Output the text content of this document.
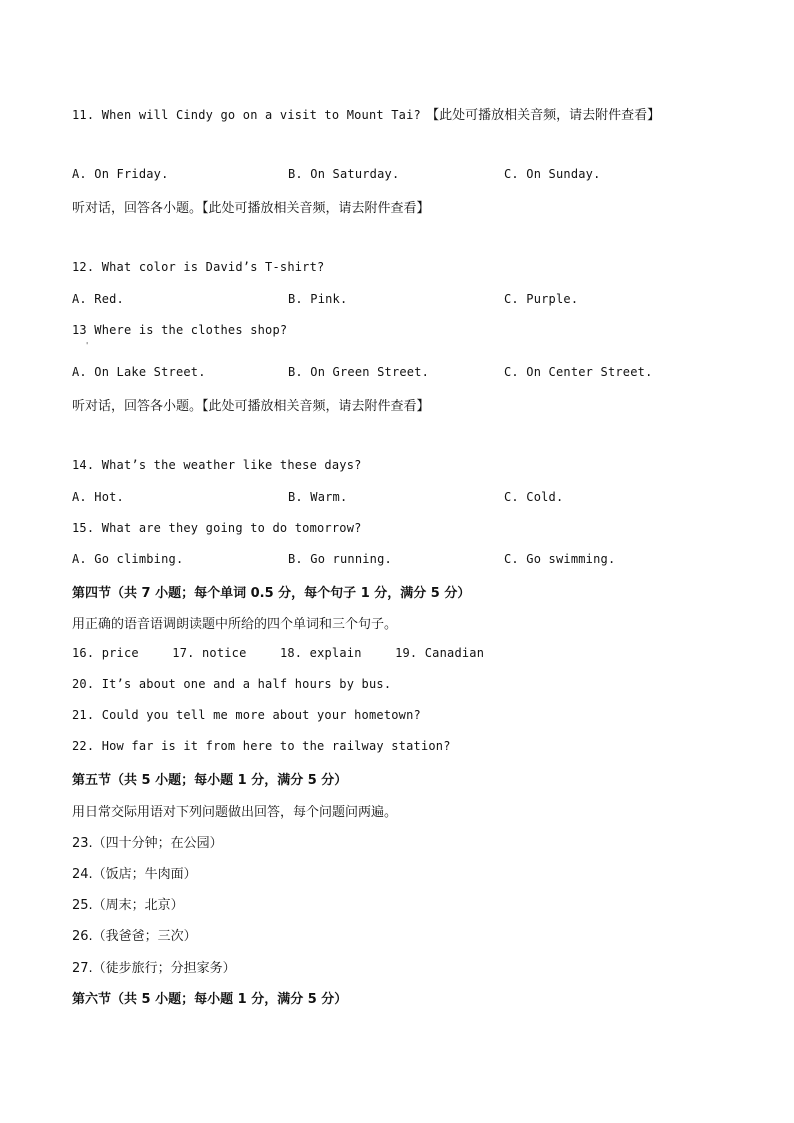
11. When will Cindy go on a visit to Mount Tai? 【此处可播放相关音频，请去附件查看】
A. On Friday.	B. On Saturday.	C. On Sunday.
听对话，回答各小题。【此处可播放相关音频，请去附件查看】
12. What color is David’s T-shirt?
A. Red.	B. Pink.	C. Purple.
13 Where is the clothes shop?
'
A. On Lake Street.	B. On Green Street.	C. On Center Street.
听对话，回答各小题。【此处可播放相关音频，请去附件查看】
14. What’s the weather like these days?
A. Hot.	B. Warm.	C. Cold.
15. What are they going to do tomorrow?
A. Go climbing.	B. Go running.	C. Go swimming.
第四节（共 7 小题；每个单词 0.5 分，每个句子 1 分，满分 5 分）
用正确的语音语调朗读题中所给的四个单词和三个句子。
16. price	17. notice	18. explain	19. Canadian
20. It’s about one and a half hours by bus.
21. Could you tell me more about your hometown?
22. How far is it from here to the railway station?
第五节（共 5 小题；每小题 1 分，满分 5 分）
用日常交际用语对下列问题做出回答，每个问题问两遍。
23.（四十分钟；在公园）
24.（饭店；牛肉面）
25.（周末；北京）
26.（我爸爸；三次）
27.（徒步旅行；分担家务）
第六节（共 5 小题；每小题 1 分，满分 5 分）
